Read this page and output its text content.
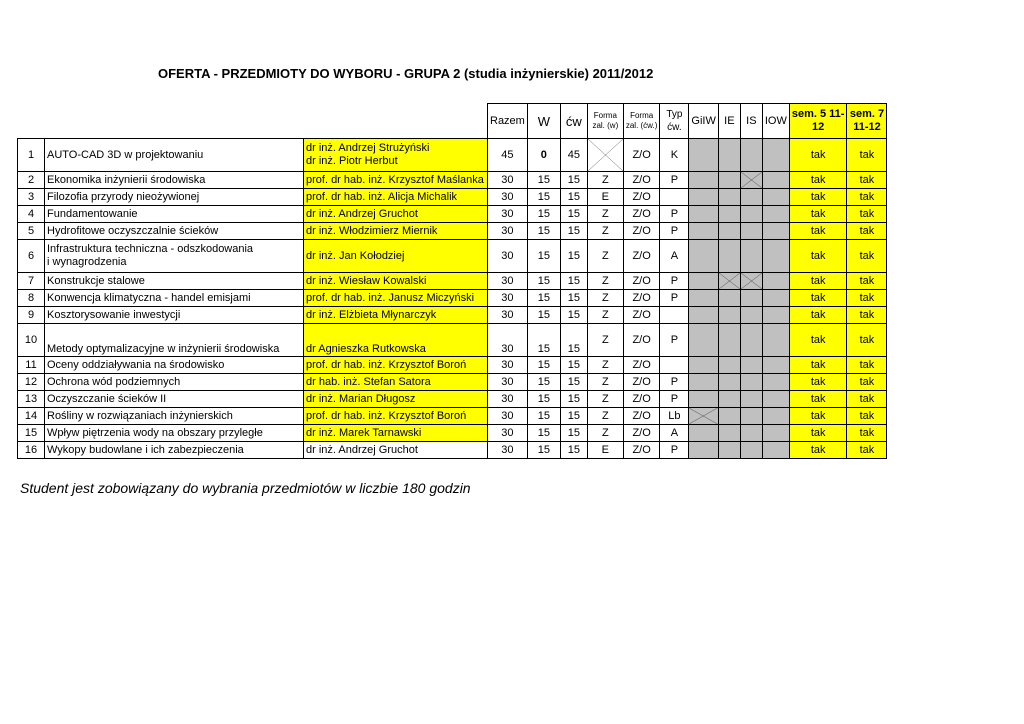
OFERTA - PRZEDMIOTY DO WYBORU - GRUPA 2 (studia inżynierskie) 2011/2012
			Razem	W	ćw	Forma
zal. (w)	Forma
zal. (ćw.)	Typ
ćw.	GiIW	IE	IS	IOW	sem. 5 11-
12	sem. 7
11-12

1	AUTO-CAD 3D w projektowaniu	dr inż. Andrzej Strużyński
dr inż. Piotr Herbut	45	0	45		Z/O	K					tak	tak
2	Ekonomika inżynierii środowiska	prof. dr hab. inż. Krzysztof Maślanka	30	15	15	Z	Z/O	P					tak	tak
3	Filozofia przyrody nieożywionej	prof. dr hab. inż. Alicja Michalik	30	15	15	E	Z/O						tak	tak
4	Fundamentowanie	dr inż. Andrzej Gruchot	30	15	15	Z	Z/O	P					tak	tak
5	Hydrofitowe oczyszczalnie ścieków	dr inż. Włodzimierz Miernik	30	15	15	Z	Z/O	P					tak	tak
6	Infrastruktura techniczna - odszkodowania
i wynagrodzenia	dr inż. Jan Kołodziej	30	15	15	Z	Z/O	A					tak	tak
7	Konstrukcje stalowe	dr inż. Wiesław Kowalski	30	15	15	Z	Z/O	P					tak	tak
8	Konwencja klimatyczna - handel emisjami	prof. dr hab. inż. Janusz Miczyński	30	15	15	Z	Z/O	P					tak	tak
9	Kosztorysowanie inwestycji	dr inż. Elżbieta Młynarczyk	30	15	15	Z	Z/O						tak	tak
10	Metody optymalizacyjne w inżynierii środowiska	dr Agnieszka Rutkowska	30	15	15	Z	Z/O	P					tak	tak
11	Oceny oddziaływania na środowisko	prof. dr hab. inż. Krzysztof Boroń	30	15	15	Z	Z/O						tak	tak
12	Ochrona wód podziemnych	dr hab. inż. Stefan Satora	30	15	15	Z	Z/O	P					tak	tak
13	Oczyszczanie ścieków II	dr inż. Marian Długosz	30	15	15	Z	Z/O	P					tak	tak
14	Rośliny w rozwiązaniach inżynierskich	prof. dr hab. inż. Krzysztof Boroń	30	15	15	Z	Z/O	Lb					tak	tak
15	Wpływ piętrzenia wody na obszary przyległe	dr inż. Marek Tarnawski	30	15	15	Z	Z/O	A					tak	tak
16	Wykopy budowlane i ich zabezpieczenia	dr inż. Andrzej Gruchot	30	15	15	E	Z/O	P					tak	tak
Student jest zobowiązany do wybrania przedmiotów w liczbie 180 godzin
